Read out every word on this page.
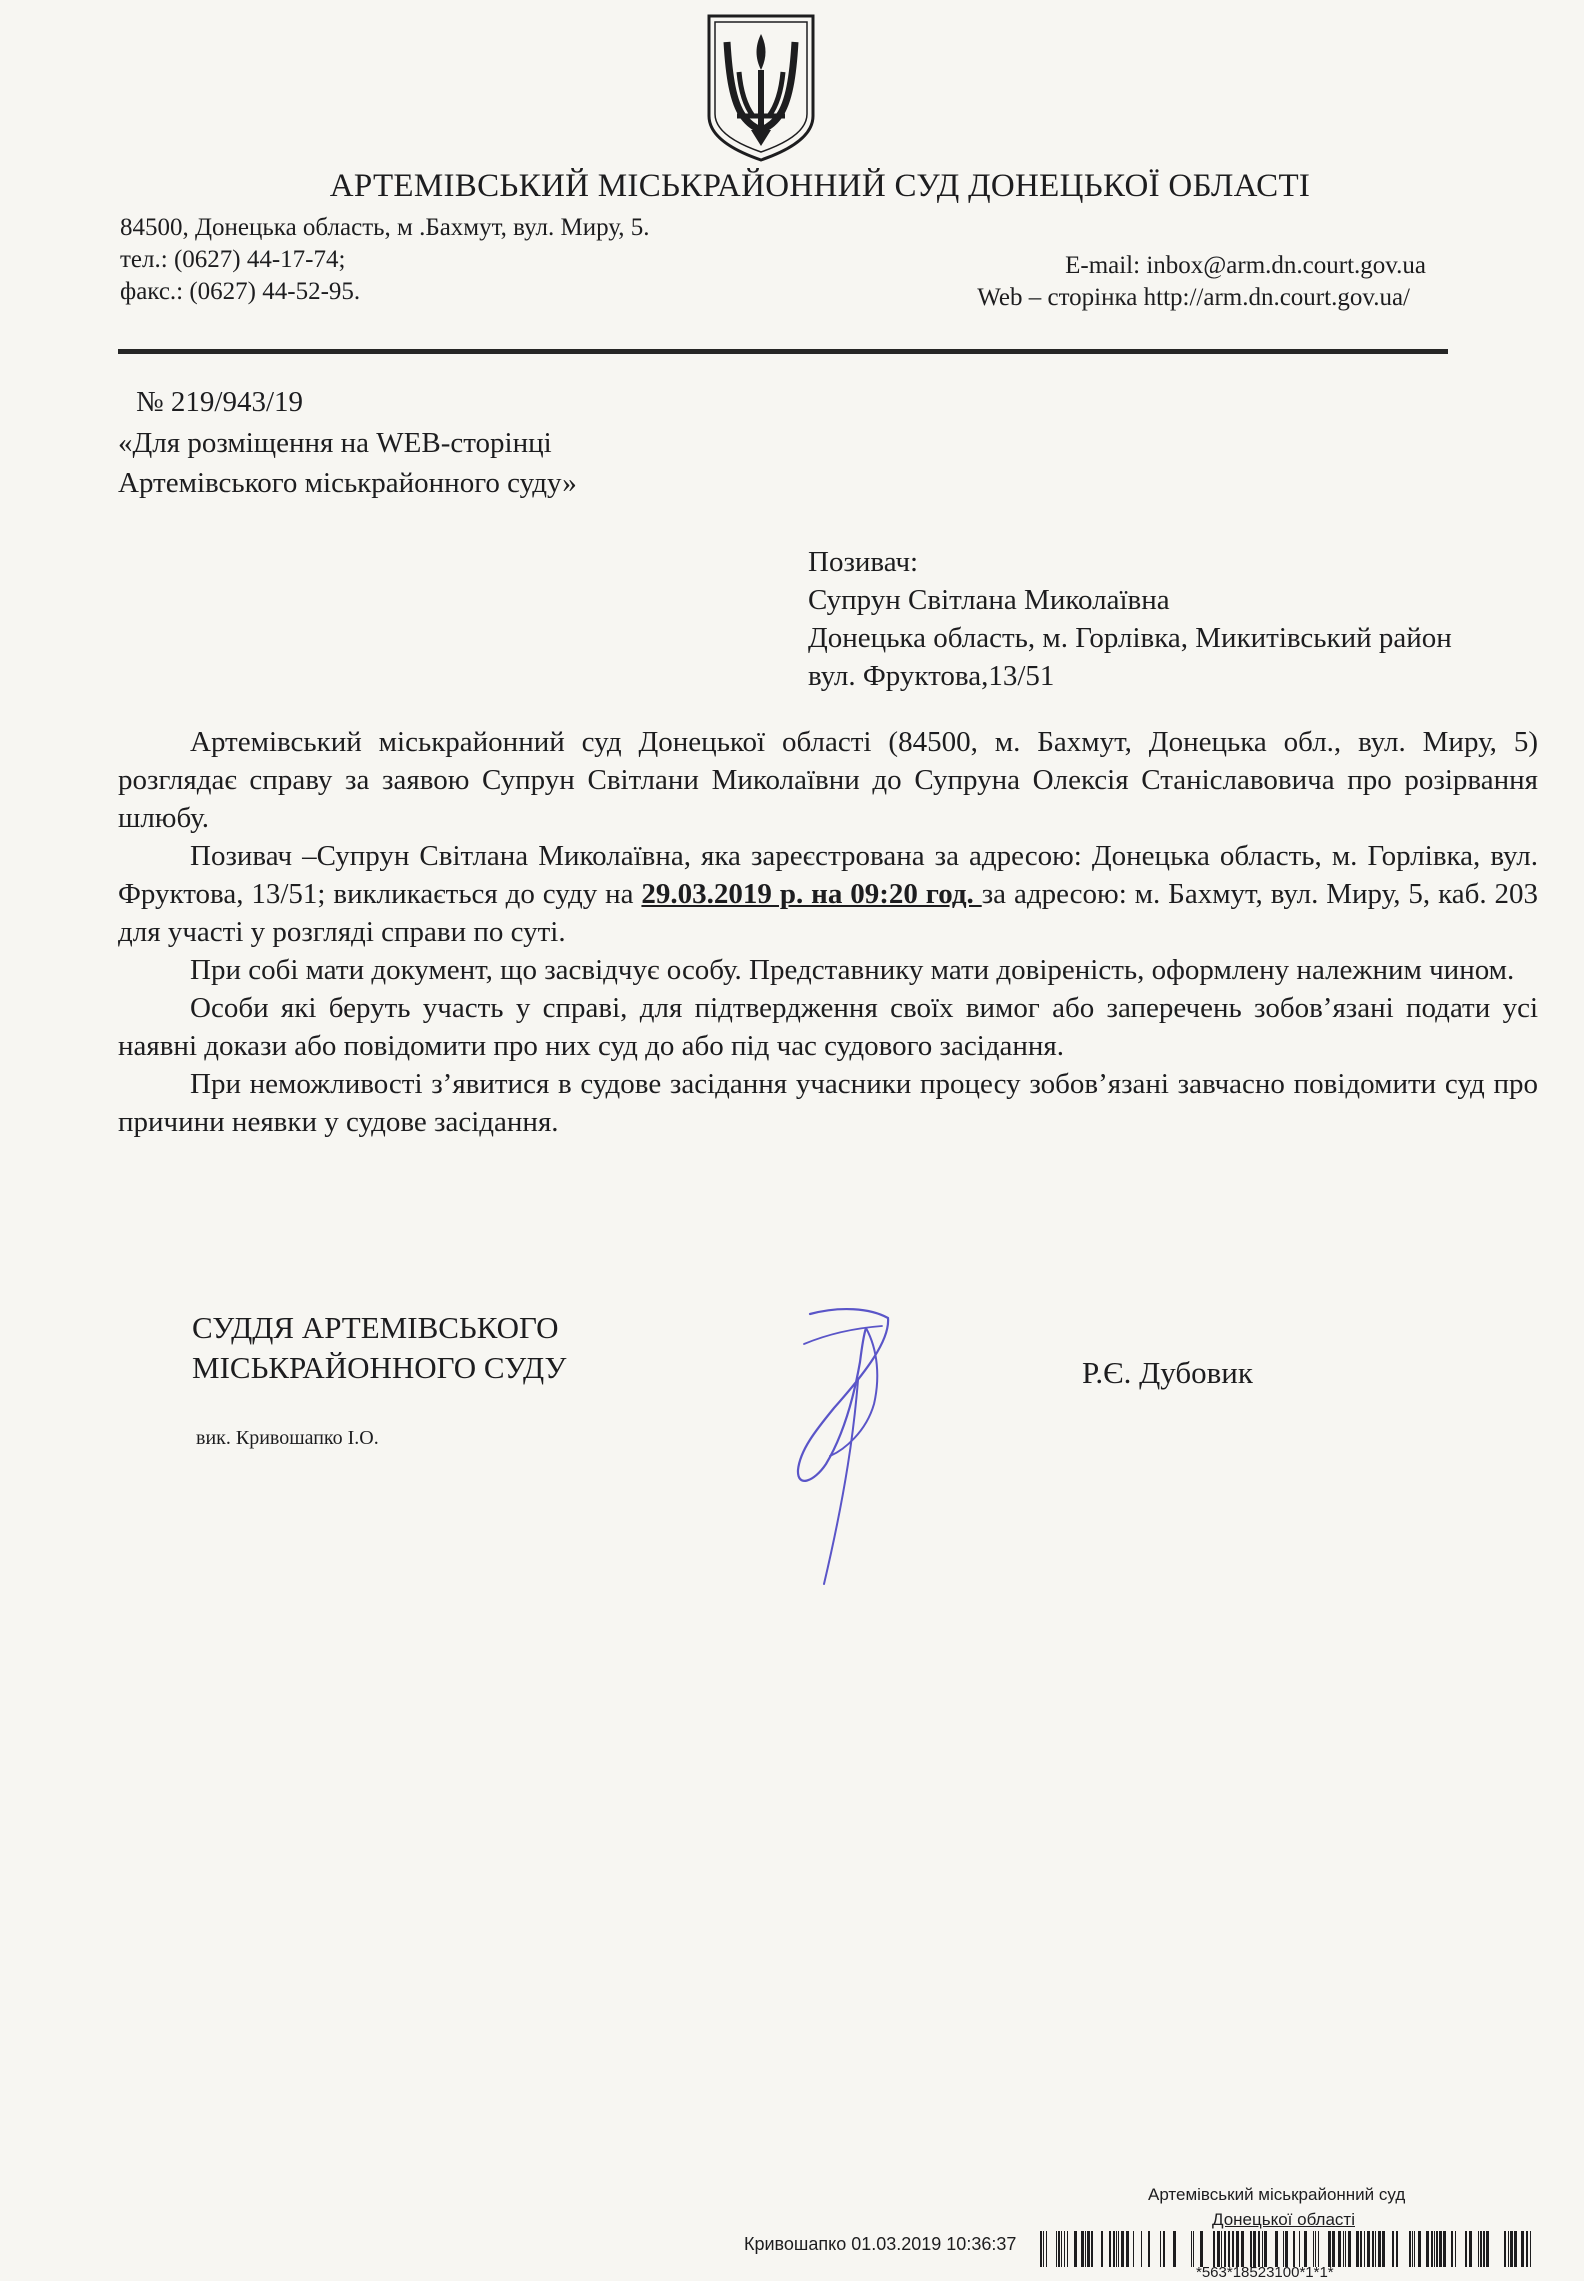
АРТЕМІВСЬКИЙ МІСЬКРАЙОННИЙ СУД ДОНЕЦЬКОЇ ОБЛАСТІ
84500, Донецька область, м .Бахмут, вул. Миру, 5.
тел.: (0627) 44-17-74;
факс.: (0627) 44-52-95.
E-mail: inbox@arm.dn.court.gov.ua
Web – сторінка http://arm.dn.court.gov.ua/
№ 219/943/19
«Для розміщення на WEB-сторінці
Артемівського міськрайонного суду»
Позивач:
Супрун Світлана Миколаївна
Донецька область, м. Горлівка, Микитівський район
вул. Фруктова,13/51

Артемівський міськрайонний суд Донецької області (84500, м. Бахмут, Донецька обл., вул. Миру, 5) розглядає справу за заявою Супрун Світлани Миколаївни до Супруна Олексія Станіславовича про розірвання шлюбу.

Позивач –Супрун Світлана Миколаївна, яка зареєстрована за адресою: Донецька область, м. Горлівка, вул. Фруктова, 13/51; викликається до суду на 29.03.2019 р. на 09:20 год. за адресою: м. Бахмут, вул. Миру, 5, каб. 203 для участі у розгляді справи по суті.

При собі мати документ, що засвідчує особу. Представнику мати довіреність, оформлену належним чином.

Особи які беруть участь у справі, для підтвердження своїх вимог або заперечень зобов’язані подати усі наявні докази або повідомити про них суд до або під час судового засідання.

При неможливості з’явитися в судове засідання учасники процесу зобов’язані завчасно повідомити суд про причини неявки у судове засідання.

СУДДЯ АРТЕМІВСЬКОГО
МІСЬКРАЙОННОГО СУДУ
вик. Кривошапко І.О.
Р.Є. Дубовик
Артемівський міськрайонний суд
Донецької області
Кривошапко 01.03.2019 10:36:37
*563*18523100*1*1*
